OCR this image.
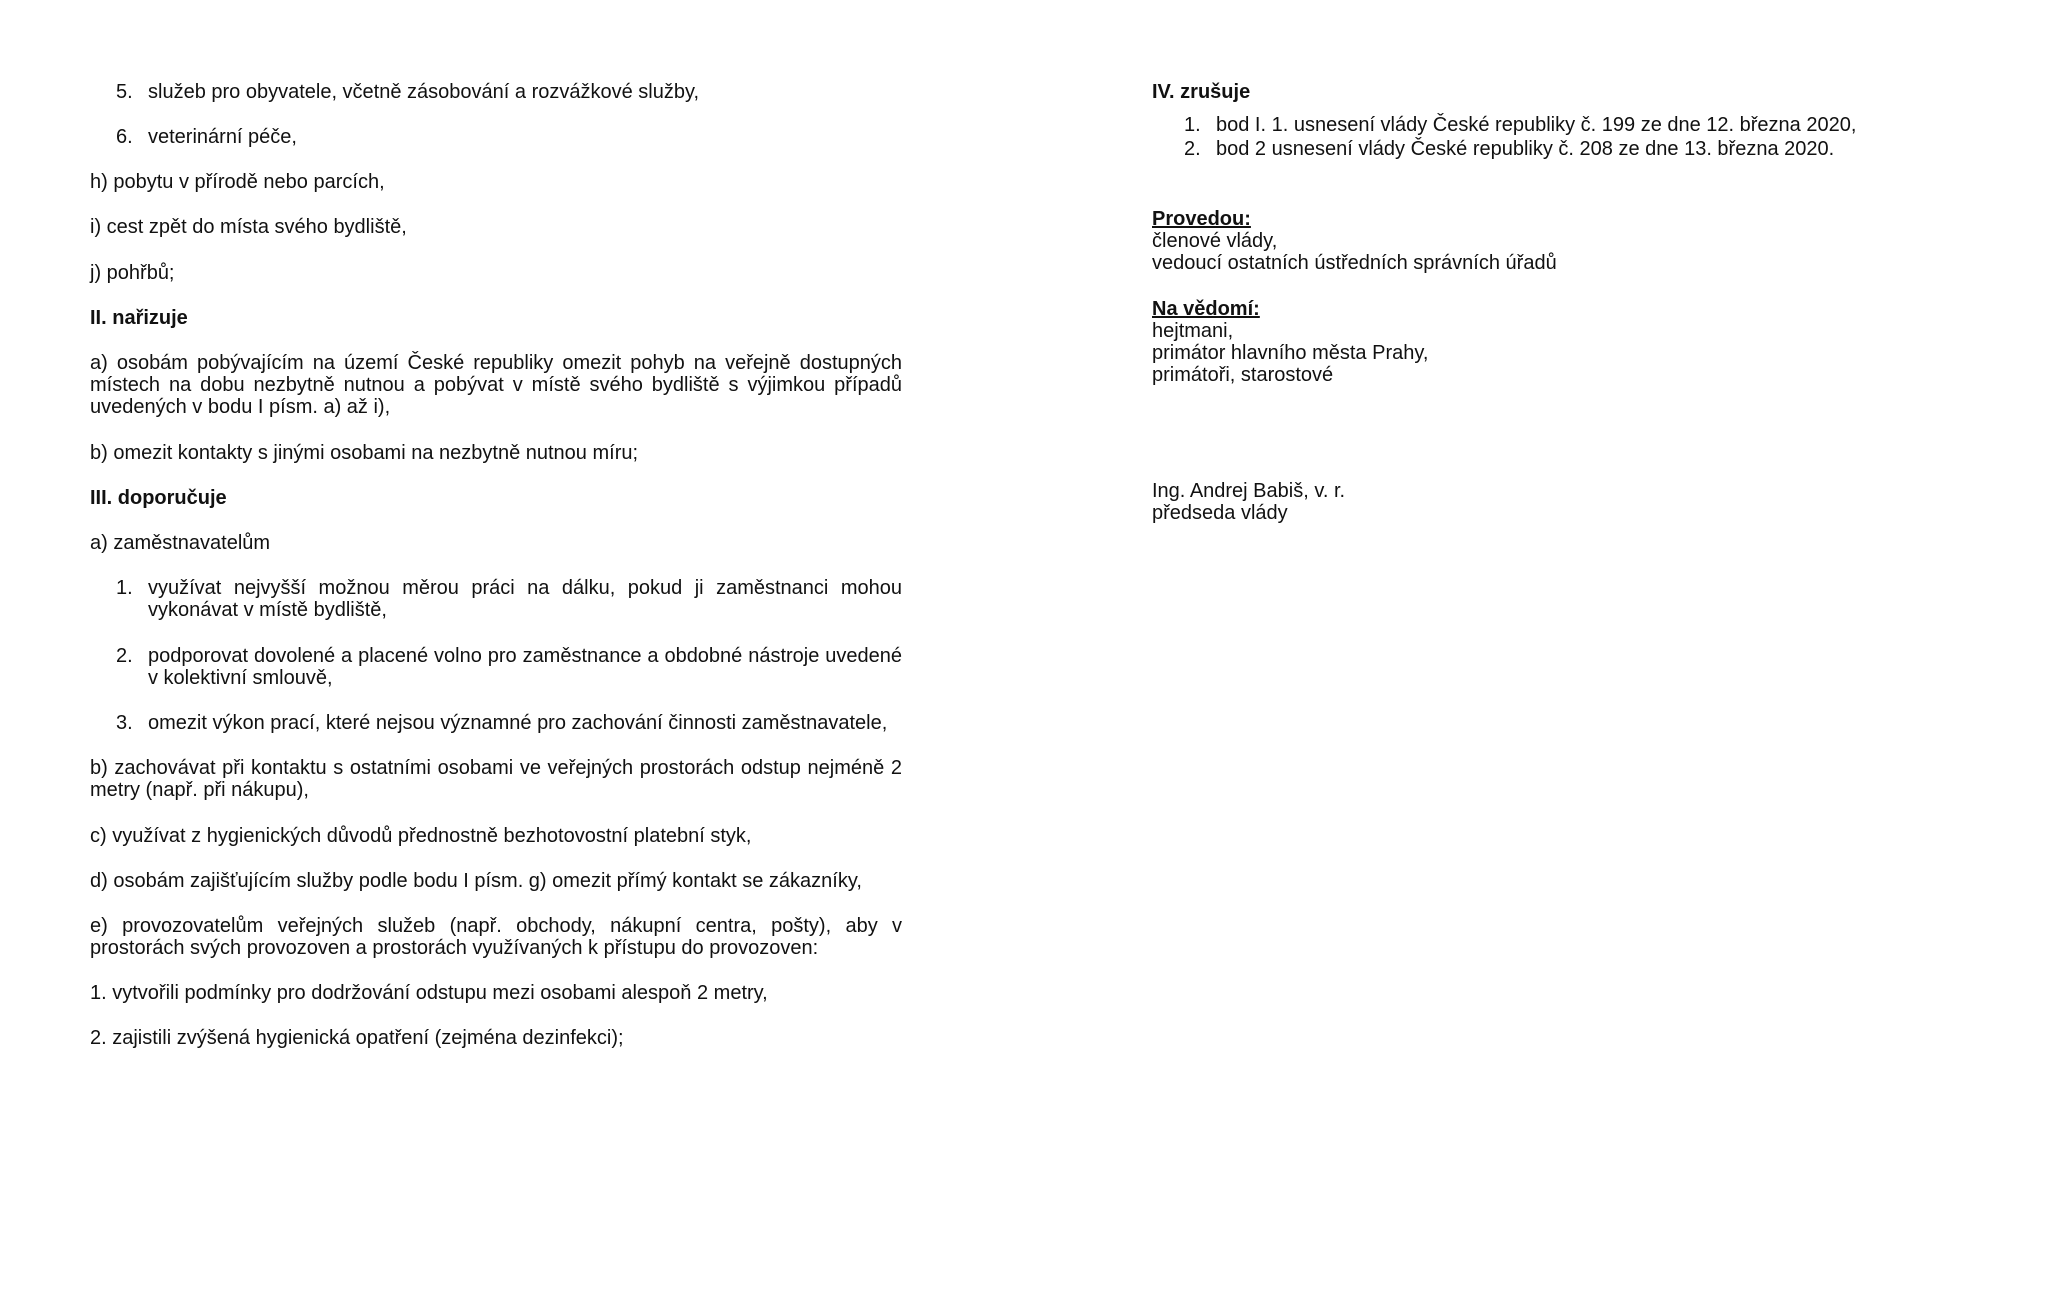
5. služeb pro obyvatele, včetně zásobování a rozvážkové služby,
6. veterinární péče,
h) pobytu v přírodě nebo parcích,
i) cest zpět do místa svého bydliště,
j) pohřbů;
II. nařizuje
a) osobám pobývajícím na území České republiky omezit pohyb na veřejně dostupných místech na dobu nezbytně nutnou a pobývat v místě svého bydliště s výjimkou případů uvedených v bodu I písm. a) až i),
b) omezit kontakty s jinými osobami na nezbytně nutnou míru;
III. doporučuje
a) zaměstnavatelům
1. využívat nejvyšší možnou měrou práci na dálku, pokud ji zaměstnanci mohou vykonávat v místě bydliště,
2. podporovat dovolené a placené volno pro zaměstnance a obdobné nástroje uvedené v kolektivní smlouvě,
3. omezit výkon prací, které nejsou významné pro zachování činnosti zaměstnavatele,
b) zachovávat při kontaktu s ostatními osobami ve veřejných prostorách odstup nejméně 2 metry (např. při nákupu),
c) využívat z hygienických důvodů přednostně bezhotovostní platební styk,
d) osobám zajišťujícím služby podle bodu I písm. g) omezit přímý kontakt se zákazníky,
e) provozovatelům veřejných služeb (např. obchody, nákupní centra, pošty), aby v prostorách svých provozoven a prostorách využívaných k přístupu do provozoven:
1. vytvořili podmínky pro dodržování odstupu mezi osobami alespoň 2 metry,
2. zajistili zvýšená hygienická opatření (zejména dezinfekci);
IV. zrušuje
1. bod I. 1. usnesení vlády České republiky č. 199 ze dne 12. března 2020,
2. bod 2 usnesení vlády České republiky č. 208 ze dne 13. března 2020.
Provedou:
členové vlády,
vedoucí ostatních ústředních správních úřadů
Na vědomí:
hejtmani,
primátor hlavního města Prahy,
primátoři, starostové
Ing. Andrej Babiš, v. r.
předseda vlády
